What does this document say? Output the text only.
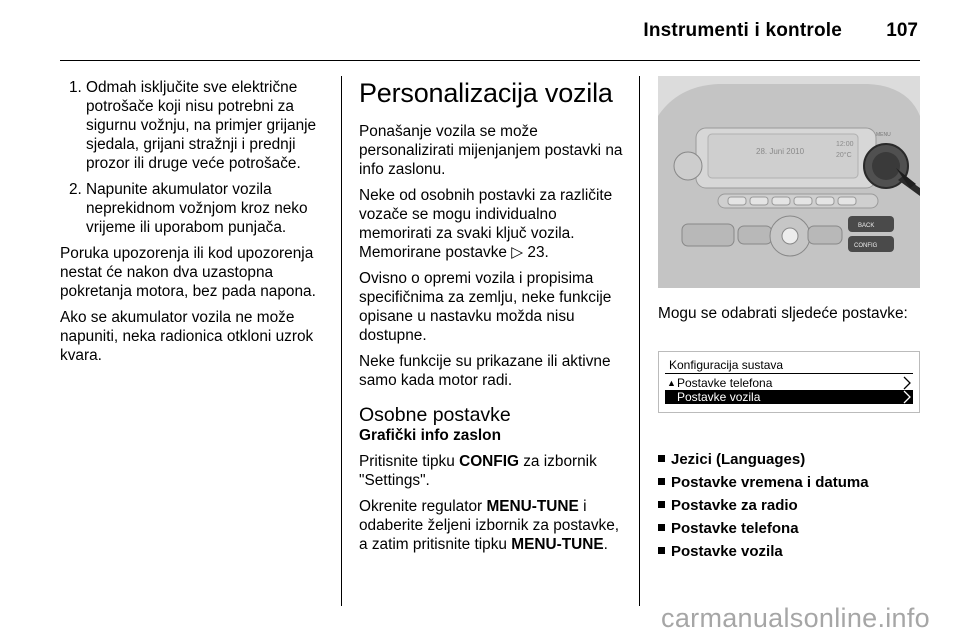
Instrumenti i kontrole 107
1. Odmah isključite sve električne potrošače koji nisu potrebni za sigurnu vožnju, na primjer grijanje sjedala, grijani stražnji i prednji prozor ili druge veće potrošače.
2. Napunite akumulator vozila neprekidnom vožnjom kroz neko vrijeme ili uporabom punjača.

Poruka upozorenja ili kod upozorenja nestat će nakon dva uzastopna pokretanja motora, bez pada napona.

Ako se akumulator vozila ne može napuniti, neka radionica otkloni uzrok kvara.

Personalizacija vozila

Ponašanje vozila se može personalizirati mijenjanjem postavki na info zaslonu.

Neke od osobnih postavki za različite vozače se mogu individualno memorirati za svaki ključ vozila. Memorirane postavke ▷ 23.

Ovisno o opremi vozila i propisima specifičnima za zemlju, neke funkcije opisane u nastavku možda nisu dostupne.

Neke funkcije su prikazane ili aktivne samo kada motor radi.

Osobne postavke
Grafički info zaslon

Pritisnite tipku CONFIG za izbornik "Settings".

Okrenite regulator MENU-TUNE i odaberite željeni izbornik za postavke, a zatim pritisnite tipku MENU-TUNE.

28. Juni 2010
12:00
20°C
BACK
CONFIG
MENU

Mogu se odabrati sljedeće postavke:

Konfiguracija sustava
▲ Postavke telefona
Postavke vozila
Jezici (Languages)
Postavke vremena i datuma
Postavke za radio
Postavke telefona
Postavke vozila
carmanualsonline.info
